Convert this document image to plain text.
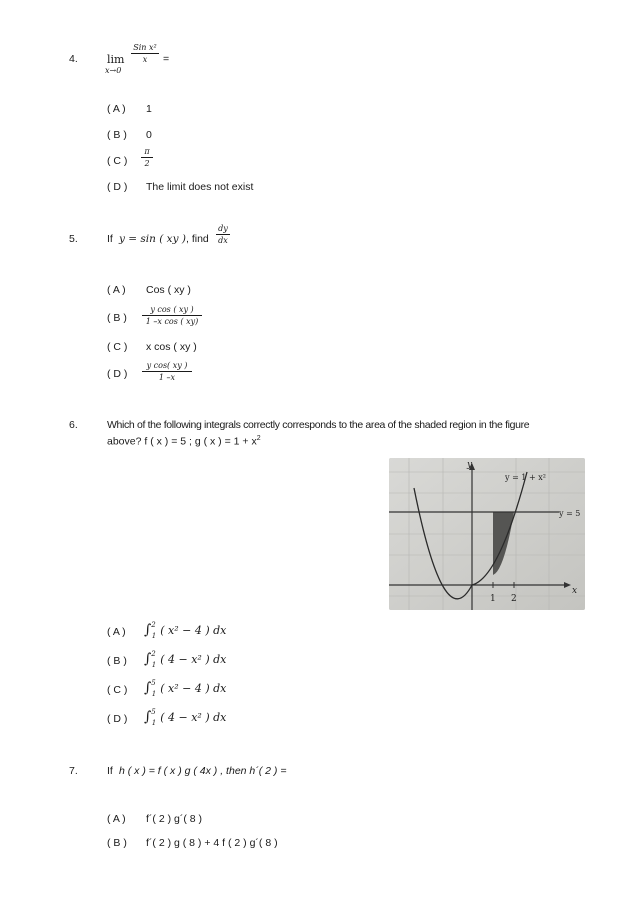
4.	lim
x→0
Sin x²
x	=
( A ) 1
( B ) 0
( C )
π
2
( D ) The limit does not exist
5.	If y = sin ( xy ) , find
dy
dx
( A ) Cos ( xy )
( B )
y cos ( xy )
1 –x cos ( xy)
( C ) x cos ( xy )
( D )
y cos( xy )
1 –x
6.	Which of the following integrals correctly corresponds to the area of the shaded region in the figure
above? f ( x ) = 5 ; g ( x ) = $1 + x^2$
y
x
y = 1 + x²
y = 5
1 2
( A ) ∫$^2_1$ ( x² − 4 ) dx
( B ) ∫$^2_1$ ( 4 − x² ) dx
( C ) ∫$^5_1$ ( x² − 4 ) dx
( D ) ∫$^5_1$ ( 4 − x² ) dx
7.	If h ( x ) = f ( x ) g ( 4x ) , then h´( 2 ) =
( A ) f´( 2 ) g´( 8 )
( B ) f´( 2 ) g ( 8 ) + 4 f ( 2 ) g´( 8 )
